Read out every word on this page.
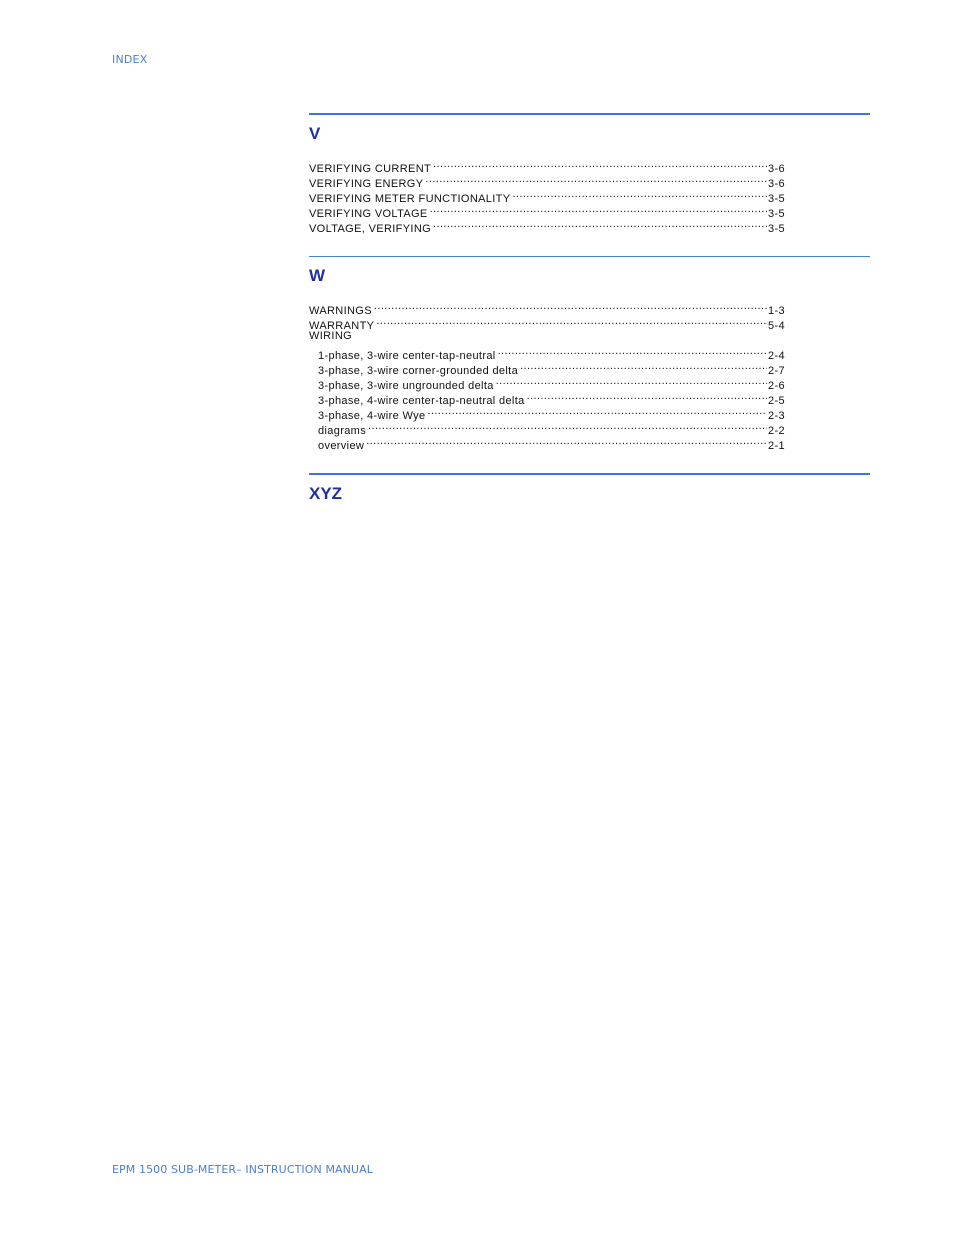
INDEX
V
VERIFYING CURRENT .....	3-6
VERIFYING ENERGY .....	3-6
VERIFYING METER FUNCTIONALITY .....	3-5
VERIFYING VOLTAGE .....	3-5
VOLTAGE, VERIFYING .....	3-5
W
WARNINGS .....	1-3
WARRANTY .....	5-4
WIRING
1-phase, 3-wire center-tap-neutral .....	2-4
3-phase, 3-wire corner-grounded delta .....	2-7
3-phase, 3-wire ungrounded delta .....	2-6
3-phase, 4-wire center-tap-neutral delta .....	2-5
3-phase, 4-wire Wye .....	2-3
diagrams .....	2-2
overview .....	2-1
XYZ
EPM 1500 SUB-METER– INSTRUCTION MANUAL
